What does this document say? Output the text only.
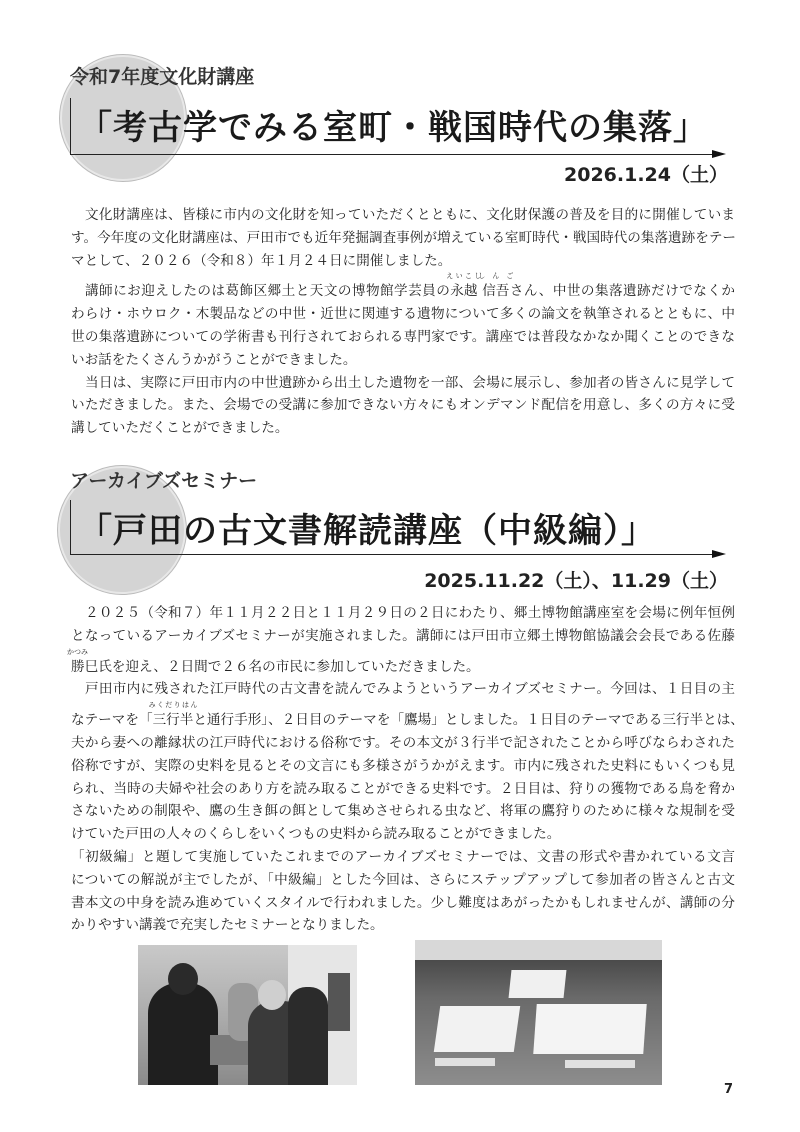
令和7年度文化財講座
「考古学でみる室町・戦国時代の集落」
2026.1.24（土）
文化財講座は、皆様に市内の文化財を知っていただくとともに、文化財保護の普及を目的に開催していま
す。今年度の文化財講座は、戸田市でも近年発掘調査事例が増えている室町時代・戦国時代の集落遺跡をテー
マとして、２０２６（令和８）年１月２４日に開催しました。
講師にお迎えしたのは葛飾区郷土と天文の博物館学芸員の永越
えいこし
信吾
しんご
さん、中世の集落遺跡だけでなくか
わらけ・ホウロク・木製品などの中世・近世に関連する遺物について多くの論文を執筆されるとともに、中
世の集落遺跡についての学術書も刊行されておられる専門家です。講座では普段なかなか聞くことのできな
いお話をたくさんうかがうことができました。
当日は、実際に戸田市内の中世遺跡から出土した遺物を一部、会場に展示し、参加者の皆さんに見学して
いただきました。また、会場での受講に参加できない方々にもオンデマンド配信を用意し、多くの方々に受
講していただくことができました。
アーカイブズセミナー
「戸田の古文書解読講座（中級編）」
2025.11.22（土）、11.29（土）
２０２５（令和７）年１１月２２日と１１月２９日の２日にわたり、郷土博物館講座室を会場に例年恒例
となっているアーカイブズセミナーが実施されました。講師には戸田市立郷土博物館協議会会長である佐藤
勝巳
かつみ
氏を迎え、２日間で２６名の市民に参加していただきました。
戸田市内に残された江戸時代の古文書を読んでみようというアーカイブズセミナー。今回は、１日目の主
なテーマを「三行半
みくだりはん
と通行手形」、２日目のテーマを「鷹場」としました。１日目のテーマである三行半とは、
夫から妻への離縁状の江戸時代における俗称です。その本文が３行半で記されたことから呼びならわされた
俗称ですが、実際の史料を見るとその文言にも多様さがうかがえます。市内に残された史料にもいくつも見
られ、当時の夫婦や社会のあり方を読み取ることができる史料です。２日目は、狩りの獲物である鳥を脅か
さないための制限や、鷹の生き餌の餌として集めさせられる虫など、将軍の鷹狩りのために様々な規制を受
けていた戸田の人々のくらしをいくつもの史料から読み取ることができました。
「初級編」と題して実施していたこれまでのアーカイブズセミナーでは、文書の形式や書かれている文言
についての解説が主でしたが、「中級編」とした今回は、さらにステップアップして参加者の皆さんと古文
書本文の中身を読み進めていくスタイルで行われました。少し難度はあがったかもしれませんが、講師の分
かりやすい講義で充実したセミナーとなりました。
7
